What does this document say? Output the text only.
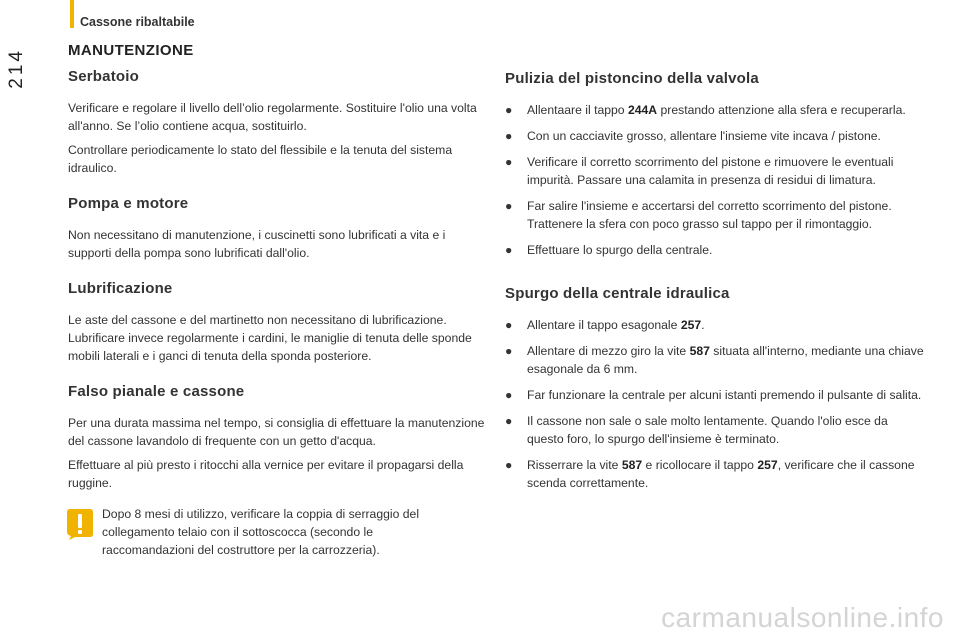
214
Cassone ribaltabile
MANUTENZIONE
Serbatoio

Verificare e regolare il livello dell’olio regolarmente. Sostituire l'olio una volta all'anno. Se l’olio contiene acqua, sostituirlo.

Controllare periodicamente lo stato del flessibile e la tenuta del sistema idraulico.

Pompa e motore

Non necessitano di manutenzione, i cuscinetti sono lubrificati a vita e i supporti della pompa sono lubrificati dall'olio.

Lubrificazione

Le aste del cassone e del martinetto non necessitano di lubrificazione. Lubrificare invece regolarmente i cardini, le maniglie di tenuta delle sponde mobili laterali e i ganci di tenuta della sponda posteriore.

Falso pianale e cassone

Per una durata massima nel tempo, si consiglia di effettuare la manutenzione del cassone lavandolo di frequente con un getto d'acqua.

Effettuare al più presto i ritocchi alla vernice per evitare il propagarsi della ruggine.

Dopo 8 mesi di utilizzo, verificare la coppia di serraggio del collegamento telaio con il sottoscocca (secondo le raccomandazioni del costruttore per la carrozzeria).
Pulizia del pistoncino della valvola
● Allentaare il tappo 244A prestando attenzione alla sfera e recuperarla.
● Con un cacciavite grosso, allentare l'insieme vite incava / pistone.
● Verificare il corretto scorrimento del pistone e rimuovere le eventuali impurità. Passare una calamita in presenza di residui di limatura.
● Far salire l'insieme e accertarsi del corretto scorrimento del pistone. Trattenere la sfera con poco grasso sul tappo per il rimontaggio.
● Effettuare lo spurgo della centrale.
Spurgo della centrale idraulica
● Allentare il tappo esagonale 257.
● Allentare di mezzo giro la vite 587 situata all'interno, mediante una chiave esagonale da 6 mm.
● Far funzionare la centrale per alcuni istanti premendo il pulsante di salita.
● Il cassone non sale o sale molto lentamente. Quando l'olio esce da questo foro, lo spurgo dell'insieme è terminato.
● Risserrare la vite 587 e ricollocare il tappo 257, verificare che il cassone scenda correttamente.
carmanualsonline.info
